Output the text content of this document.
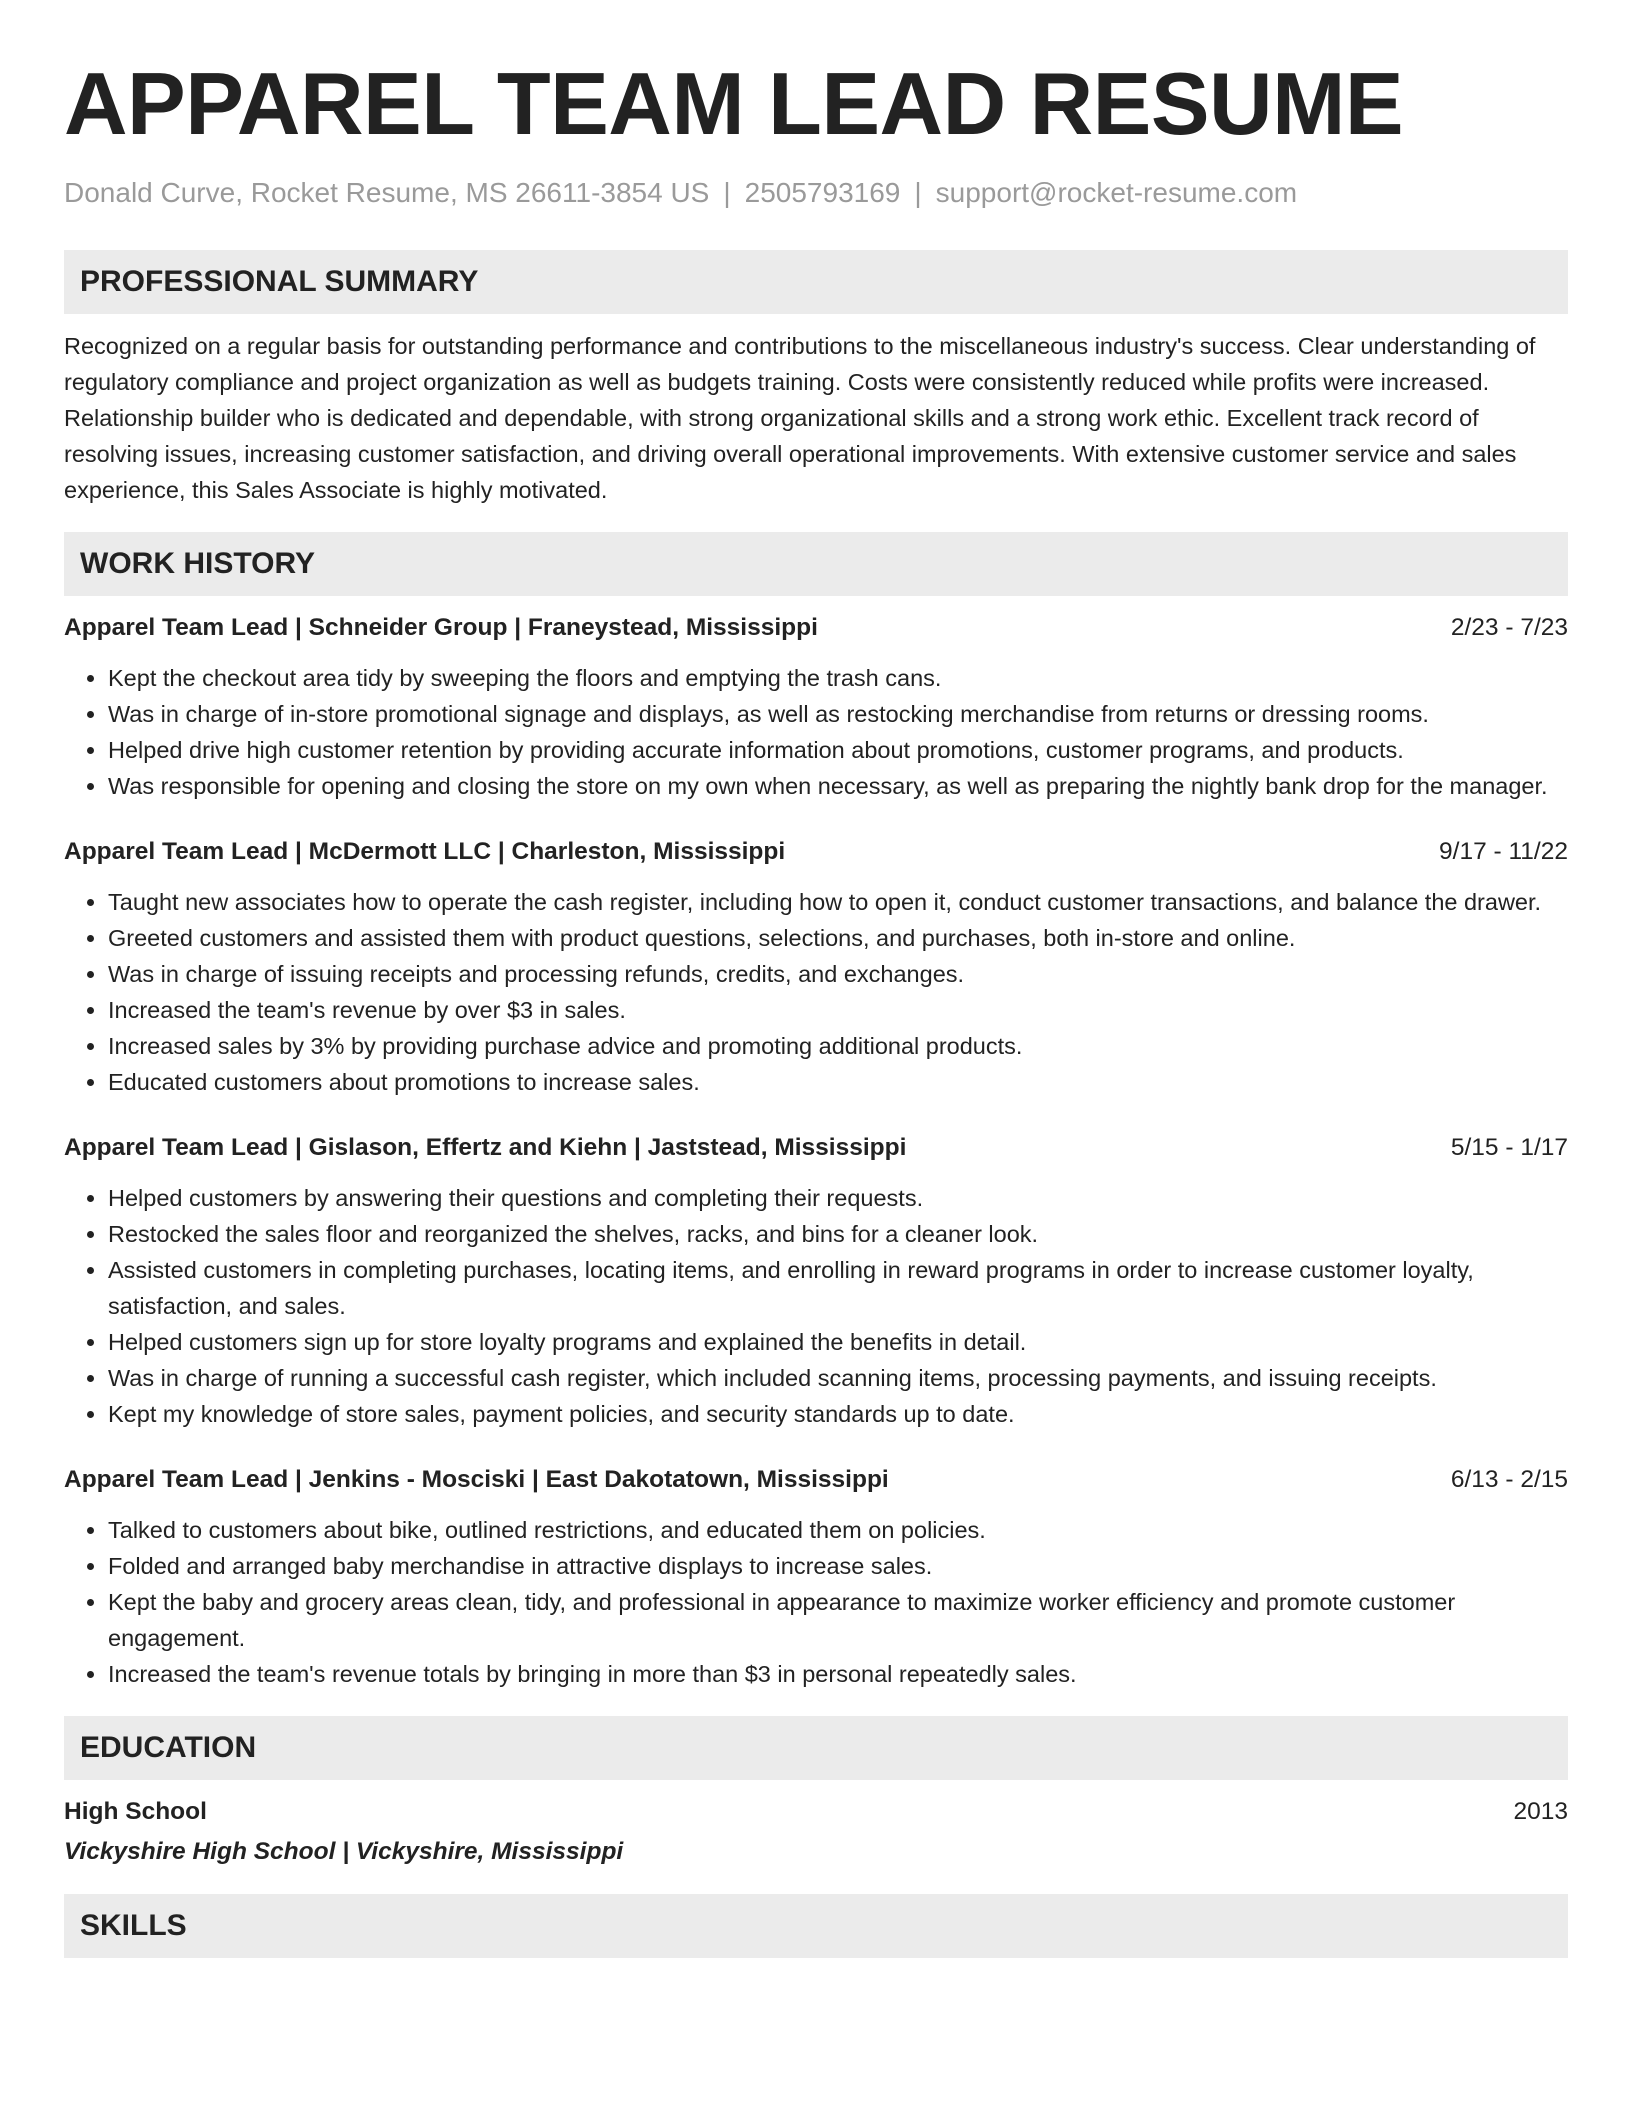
APPAREL TEAM LEAD RESUME
Donald Curve, Rocket Resume, MS 26611-3854 US | 2505793169 | support@rocket-resume.com
PROFESSIONAL SUMMARY

Recognized on a regular basis for outstanding performance and contributions to the miscellaneous industry's success. Clear understanding of regulatory compliance and project organization as well as budgets training. Costs were consistently reduced while profits were increased. Relationship builder who is dedicated and dependable, with strong organizational skills and a strong work ethic. Excellent track record of resolving issues, increasing customer satisfaction, and driving overall operational improvements. With extensive customer service and sales experience, this Sales Associate is highly motivated.

WORK HISTORY
Apparel Team Lead | Schneider Group | Franeystead, Mississippi	2/23 - 7/23
• Kept the checkout area tidy by sweeping the floors and emptying the trash cans.
• Was in charge of in-store promotional signage and displays, as well as restocking merchandise from returns or dressing rooms.
• Helped drive high customer retention by providing accurate information about promotions, customer programs, and products.
• Was responsible for opening and closing the store on my own when necessary, as well as preparing the nightly bank drop for the manager.
Apparel Team Lead | McDermott LLC | Charleston, Mississippi	9/17 - 11/22
• Taught new associates how to operate the cash register, including how to open it, conduct customer transactions, and balance the drawer.
• Greeted customers and assisted them with product questions, selections, and purchases, both in-store and online.
• Was in charge of issuing receipts and processing refunds, credits, and exchanges.
• Increased the team's revenue by over $3 in sales.
• Increased sales by 3% by providing purchase advice and promoting additional products.
• Educated customers about promotions to increase sales.
Apparel Team Lead | Gislason, Effertz and Kiehn | Jaststead, Mississippi	5/15 - 1/17
• Helped customers by answering their questions and completing their requests.
• Restocked the sales floor and reorganized the shelves, racks, and bins for a cleaner look.
• Assisted customers in completing purchases, locating items, and enrolling in reward programs in order to increase customer loyalty, satisfaction, and sales.
• Helped customers sign up for store loyalty programs and explained the benefits in detail.
• Was in charge of running a successful cash register, which included scanning items, processing payments, and issuing receipts.
• Kept my knowledge of store sales, payment policies, and security standards up to date.
Apparel Team Lead | Jenkins - Mosciski | East Dakotatown, Mississippi	6/13 - 2/15
• Talked to customers about bike, outlined restrictions, and educated them on policies.
• Folded and arranged baby merchandise in attractive displays to increase sales.
• Kept the baby and grocery areas clean, tidy, and professional in appearance to maximize worker efficiency and promote customer engagement.
• Increased the team's revenue totals by bringing in more than $3 in personal repeatedly sales.
EDUCATION
High School	2013
Vickyshire High School | Vickyshire, Mississippi
SKILLS
